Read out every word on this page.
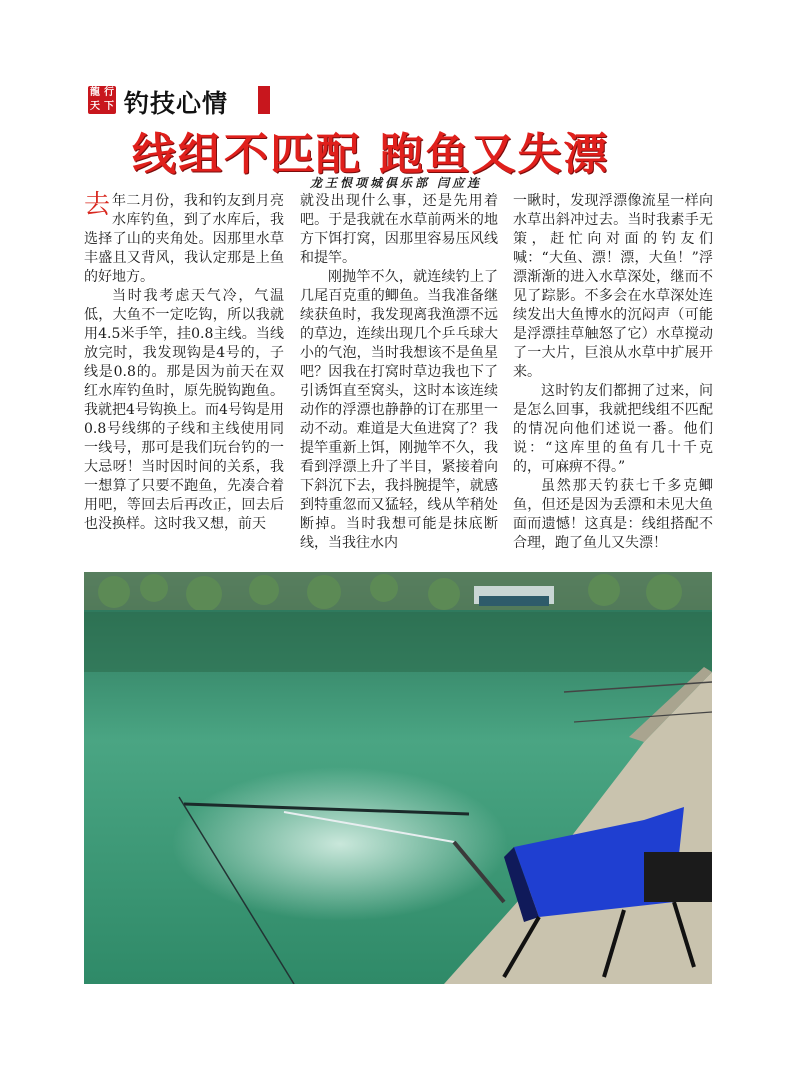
龍 行
天 下 钓技心情
线组不匹配 跑鱼又失漂
龙王恨项城俱乐部 闫应连

去年二月份，我和钓友到月亮水库钓鱼，到了水库后，我选择了山的夹角处。因那里水草丰盛且又背风，我认定那是上鱼的好地方。

当时我考虑天气冷，气温低，大鱼不一定吃钩，所以我就用4.5米手竿，挂0.8主线。当线放完时，我发现钩是4号的，子线是0.8的。那是因为前天在双红水库钓鱼时，原先脱钩跑鱼。我就把4号钩换上。而4号钩是用0.8号线绑的子线和主线使用同一线号，那可是我们玩台钓的一大忌呀！当时因时间的关系，我一想算了只要不跑鱼，先凑合着用吧，等回去后再改正，回去后也没换样。这时我又想，前天

就没出现什么事，还是先用着吧。于是我就在水草前两米的地方下饵打窝，因那里容易压风线和提竿。

刚抛竿不久，就连续钓上了几尾百克重的鲫鱼。当我准备继续获鱼时，我发现离我渔漂不远的草边，连续出现几个乒乓球大小的气泡，当时我想该不是鱼星吧？因我在打窝时草边我也下了引诱饵直至窝头，这时本该连续动作的浮漂也静静的订在那里一动不动。难道是大鱼进窝了？我提竿重新上饵，刚抛竿不久，我看到浮漂上升了半目，紧接着向下斜沉下去，我抖腕提竿，就感到特重忽而又猛轻，线从竿稍处断掉。当时我想可能是抹底断线，当我往水内

一瞅时，发现浮漂像流星一样向水草出斜冲过去。当时我素手无策，赶忙向对面的钓友们喊：“大鱼、漂！漂，大鱼！”浮漂渐渐的进入水草深处，继而不见了踪影。不多会在水草深处连续发出大鱼博水的沉闷声（可能是浮漂挂草触怒了它）水草搅动了一大片，巨浪从水草中扩展开来。

这时钓友们都拥了过来，问是怎么回事，我就把线组不匹配的情况向他们述说一番。他们说：“这库里的鱼有几十千克的，可麻痹不得。”

虽然那天钓获七千多克鲫鱼，但还是因为丢漂和未见大鱼面而遗憾！这真是：线组搭配不合理，跑了鱼儿又失漂！
